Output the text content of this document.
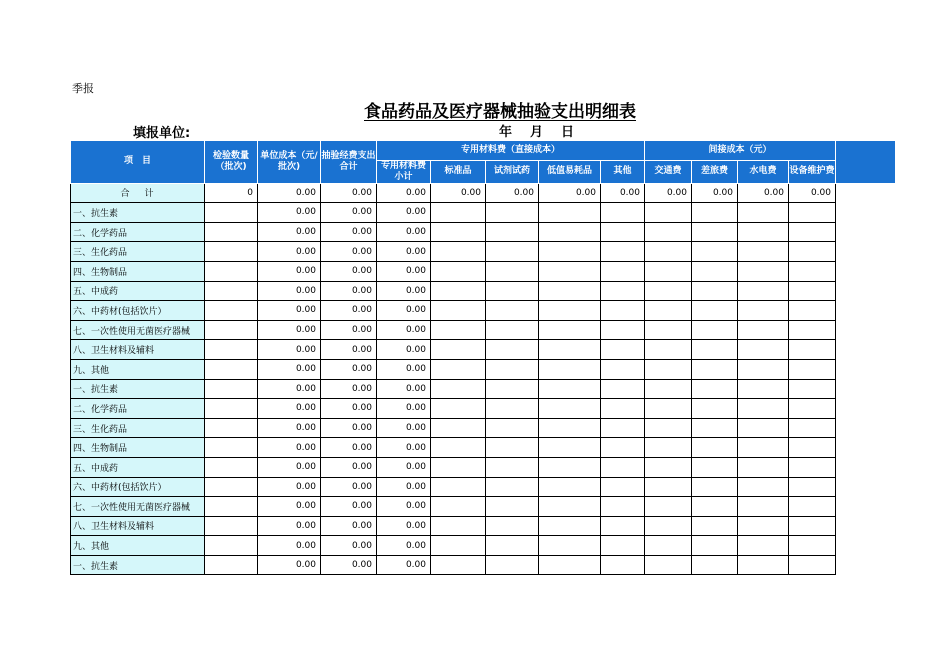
季报
食品药品及医疗器械抽验支出明细表
填报单位:	年 月 日
项　目	检验数量（批次)	单位成本（元/批次)	抽验经费支出合计	专用材料费（直接成本）					间接成本（元）				
				专用材料费小计	标准品	试剂试药	低值易耗品	其他	交通费	差旅费	水电费	设备维护费	
合　计	0	0.00	0.00	0.00	0.00	0.00	0.00	0.00	0.00	0.00	0.00	0.00	
一、抗生素		0.00	0.00	0.00									
二、化学药品		0.00	0.00	0.00									
三、生化药品		0.00	0.00	0.00									
四、生物制品		0.00	0.00	0.00									
五、中成药		0.00	0.00	0.00									
六、中药材(包括饮片）		0.00	0.00	0.00									
七、一次性使用无菌医疗器械		0.00	0.00	0.00									
八、卫生材料及辅料		0.00	0.00	0.00									
九、其他		0.00	0.00	0.00									
一、抗生素		0.00	0.00	0.00									
二、化学药品		0.00	0.00	0.00									
三、生化药品		0.00	0.00	0.00									
四、生物制品		0.00	0.00	0.00									
五、中成药		0.00	0.00	0.00									
六、中药材(包括饮片）		0.00	0.00	0.00									
七、一次性使用无菌医疗器械		0.00	0.00	0.00									
八、卫生材料及辅料		0.00	0.00	0.00									
九、其他		0.00	0.00	0.00									
一、抗生素		0.00	0.00	0.00									
